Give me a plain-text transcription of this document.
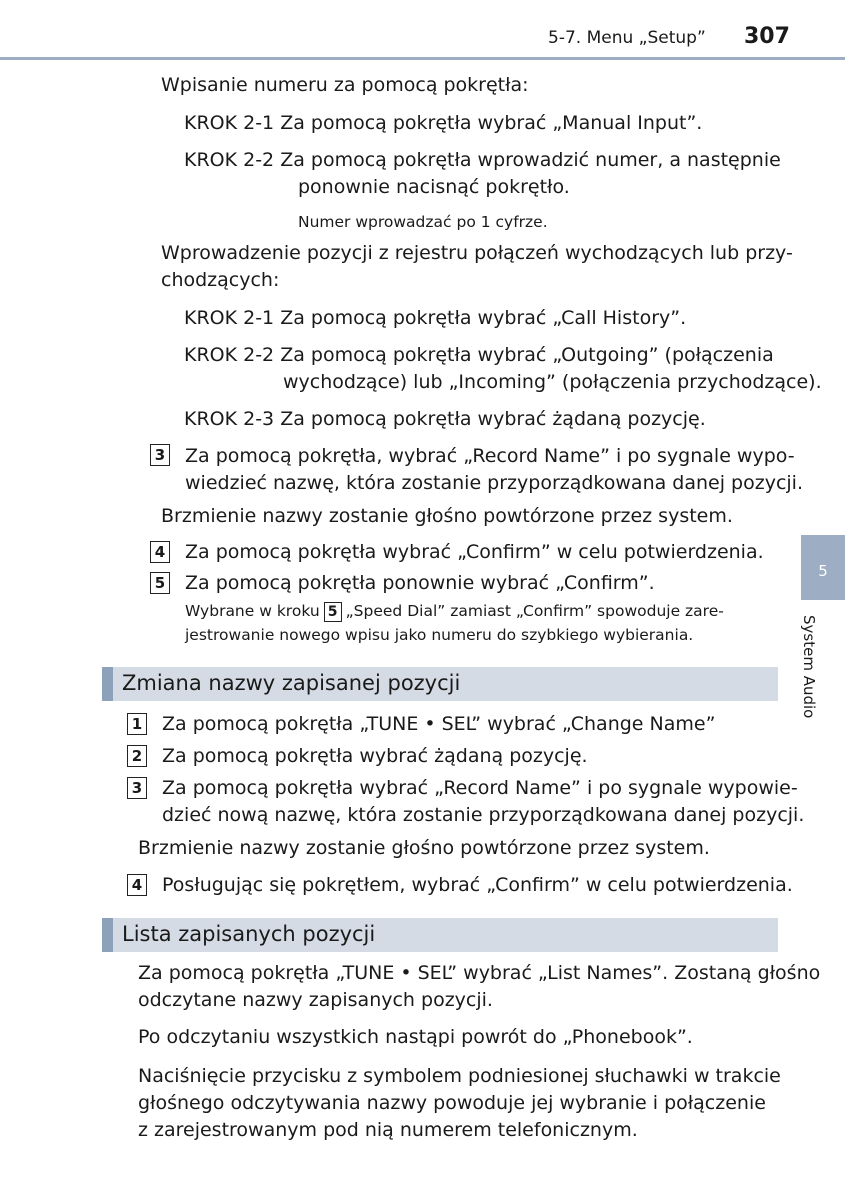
5-7. Menu „Setup” 307
5
System Audio
Wpisanie numeru za pomocą pokrętła:
KROK 2-1 Za pomocą pokrętła wybrać „Manual Input”.
KROK 2-2 Za pomocą pokrętła wprowadzić numer, a następnie
ponownie nacisnąć pokrętło.
Numer wprowadzać po 1 cyfrze.
Wprowadzenie pozycji z rejestru połączeń wychodzących lub przy-
chodzących:
KROK 2-1 Za pomocą pokrętła wybrać „Call History”.
KROK 2-2 Za pomocą pokrętła wybrać „Outgoing” (połączenia
wychodzące) lub „Incoming” (połączenia przychodzące).
KROK 2-3 Za pomocą pokrętła wybrać żądaną pozycję.
3 Za pomocą pokrętła, wybrać „Record Name” i po sygnale wypo-
wiedzieć nazwę, która zostanie przyporządkowana danej pozycji.
Brzmienie nazwy zostanie głośno powtórzone przez system.
4 Za pomocą pokrętła wybrać „Confirm” w celu potwierdzenia.
5 Za pomocą pokrętła ponownie wybrać „Confirm”.
Wybrane w kroku 5 „Speed Dial” zamiast „Confirm” spowoduje zare-
jestrowanie nowego wpisu jako numeru do szybkiego wybierania.
Zmiana nazwy zapisanej pozycji
1 Za pomocą pokrętła „TUNE • SEL” wybrać „Change Name”
2 Za pomocą pokrętła wybrać żądaną pozycję.
3 Za pomocą pokrętła wybrać „Record Name” i po sygnale wypowie-
dzieć nową nazwę, która zostanie przyporządkowana danej pozycji.
Brzmienie nazwy zostanie głośno powtórzone przez system.
4 Posługując się pokrętłem, wybrać „Confirm” w celu potwierdzenia.
Lista zapisanych pozycji
Za pomocą pokrętła „TUNE • SEL” wybrać „List Names”. Zostaną głośno
odczytane nazwy zapisanych pozycji.
Po odczytaniu wszystkich nastąpi powrót do „Phonebook”.
Naciśnięcie przycisku z symbolem podniesionej słuchawki w trakcie
głośnego odczytywania nazwy powoduje jej wybranie i połączenie
z zarejestrowanym pod nią numerem telefonicznym.
